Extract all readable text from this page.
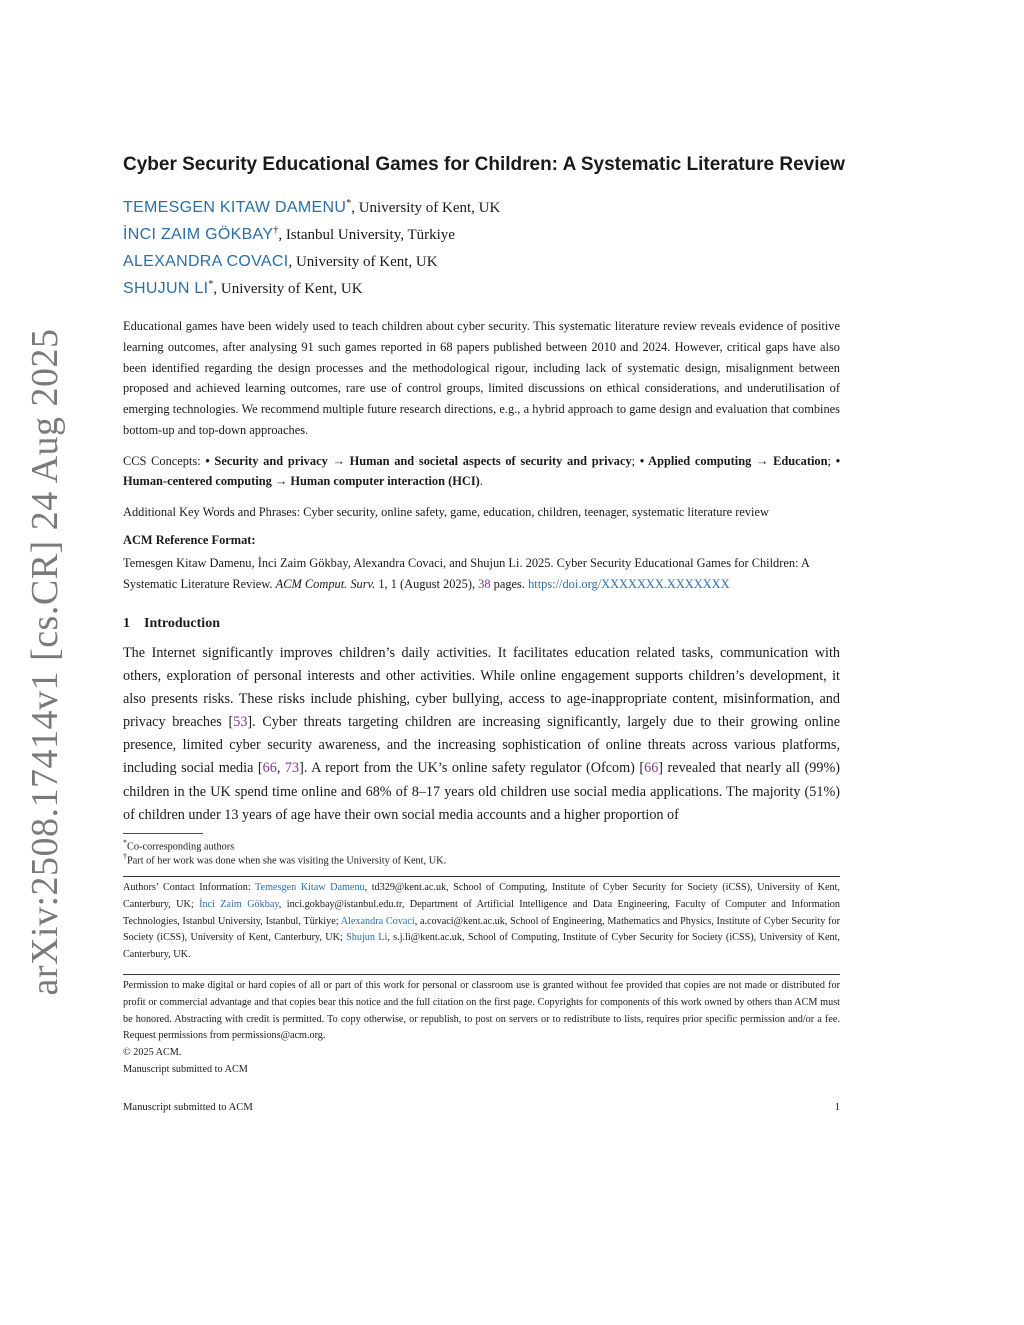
arXiv:2508.17414v1 [cs.CR] 24 Aug 2025
Cyber Security Educational Games for Children: A Systematic Literature Review
TEMESGEN KITAW DAMENU*, University of Kent, UK
İNCI ZAIM GÖKBAY†, Istanbul University, Türkiye
ALEXANDRA COVACI, University of Kent, UK
SHUJUN LI*, University of Kent, UK
Educational games have been widely used to teach children about cyber security. This systematic literature review reveals evidence of positive learning outcomes, after analysing 91 such games reported in 68 papers published between 2010 and 2024. However, critical gaps have also been identified regarding the design processes and the methodological rigour, including lack of systematic design, misalignment between proposed and achieved learning outcomes, rare use of control groups, limited discussions on ethical considerations, and underutilisation of emerging technologies. We recommend multiple future research directions, e.g., a hybrid approach to game design and evaluation that combines bottom-up and top-down approaches.
CCS Concepts: • Security and privacy → Human and societal aspects of security and privacy; • Applied computing → Education; • Human-centered computing → Human computer interaction (HCI).
Additional Key Words and Phrases: Cyber security, online safety, game, education, children, teenager, systematic literature review
ACM Reference Format:
Temesgen Kitaw Damenu, İnci Zaim Gökbay, Alexandra Covaci, and Shujun Li. 2025. Cyber Security Educational Games for Children: A Systematic Literature Review. ACM Comput. Surv. 1, 1 (August 2025), 38 pages. https://doi.org/XXXXXXX.XXXXXXX
1 Introduction
The Internet significantly improves children’s daily activities. It facilitates education related tasks, communication with others, exploration of personal interests and other activities. While online engagement supports children’s development, it also presents risks. These risks include phishing, cyber bullying, access to age-inappropriate content, misinformation, and privacy breaches [53]. Cyber threats targeting children are increasing significantly, largely due to their growing online presence, limited cyber security awareness, and the increasing sophistication of online threats across various platforms, including social media [66, 73]. A report from the UK’s online safety regulator (Ofcom) [66] revealed that nearly all (99%) children in the UK spend time online and 68% of 8–17 years old children use social media applications. The majority (51%) of children under 13 years of age have their own social media accounts and a higher proportion of
*Co-corresponding authors
†Part of her work was done when she was visiting the University of Kent, UK.
Authors’ Contact Information: Temesgen Kitaw Damenu, td329@kent.ac.uk, School of Computing, Institute of Cyber Security for Society (iCSS), University of Kent, Canterbury, UK; İnci Zaim Gökbay, inci.gokbay@istanbul.edu.tr, Department of Artificial Intelligence and Data Engineering, Faculty of Computer and Information Technologies, Istanbul University, Istanbul, Türkiye; Alexandra Covaci, a.covaci@kent.ac.uk, School of Engineering, Mathematics and Physics, Institute of Cyber Security for Society (iCSS), University of Kent, Canterbury, UK; Shujun Li, s.j.li@kent.ac.uk, School of Computing, Institute of Cyber Security for Society (iCSS), University of Kent, Canterbury, UK.
Permission to make digital or hard copies of all or part of this work for personal or classroom use is granted without fee provided that copies are not made or distributed for profit or commercial advantage and that copies bear this notice and the full citation on the first page. Copyrights for components of this work owned by others than ACM must be honored. Abstracting with credit is permitted. To copy otherwise, or republish, to post on servers or to redistribute to lists, requires prior specific permission and/or a fee. Request permissions from permissions@acm.org.
© 2025 ACM.
Manuscript submitted to ACM
Manuscript submitted to ACM	1
